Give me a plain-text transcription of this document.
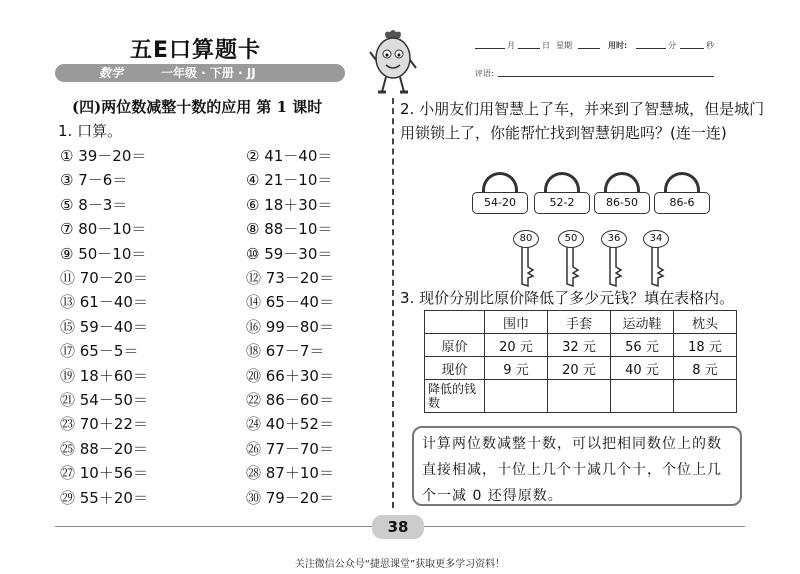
五E口算题卡
数学	一年级 · 下册 · JJ
月	日 星期	用时:	分	秒
评语:
(四)两位数减整十数的应用 第 1 课时
1. 口算。
① 39－20＝	② 41－40＝
③ 7－6＝	④ 21－10＝
⑤ 8－3＝	⑥ 18＋30＝
⑦ 80－10＝	⑧ 88－10＝
⑨ 50－10＝	⑩ 59－30＝
⑪ 70－20＝	⑫ 73－20＝
⑬ 61－40＝	⑭ 65－40＝
⑮ 59－40＝	⑯ 99－80＝
⑰ 65－5＝	⑱ 67－7＝
⑲ 18＋60＝	⑳ 66＋30＝
㉑ 54－50＝	㉒ 86－60＝
㉓ 70＋22＝	㉔ 40＋52＝
㉕ 88－20＝	㉖ 77－70＝
㉗ 10＋56＝	㉘ 87＋10＝
㉙ 55＋20＝	㉚ 79－20＝
2. 小朋友们用智慧上了车，并来到了智慧城，但是城门用锁锁上了，你能帮忙找到智慧钥匙吗？(连一连)
54-20	52-2	86-50	86-6
80	50	36	34
3. 现价分别比原价降低了多少元钱？填在表格内。
	围巾	手套	运动鞋	枕头
原价	20 元	32 元	56 元	18 元
现价	9 元	20 元	40 元	8 元
降低的钱数				
计算两位数减整十数，可以把相同数位上的数直接相减，十位上几个十减几个十，个位上几个一减 0 还得原数。
38
关注微信公众号“捷思课堂”获取更多学习资料！
